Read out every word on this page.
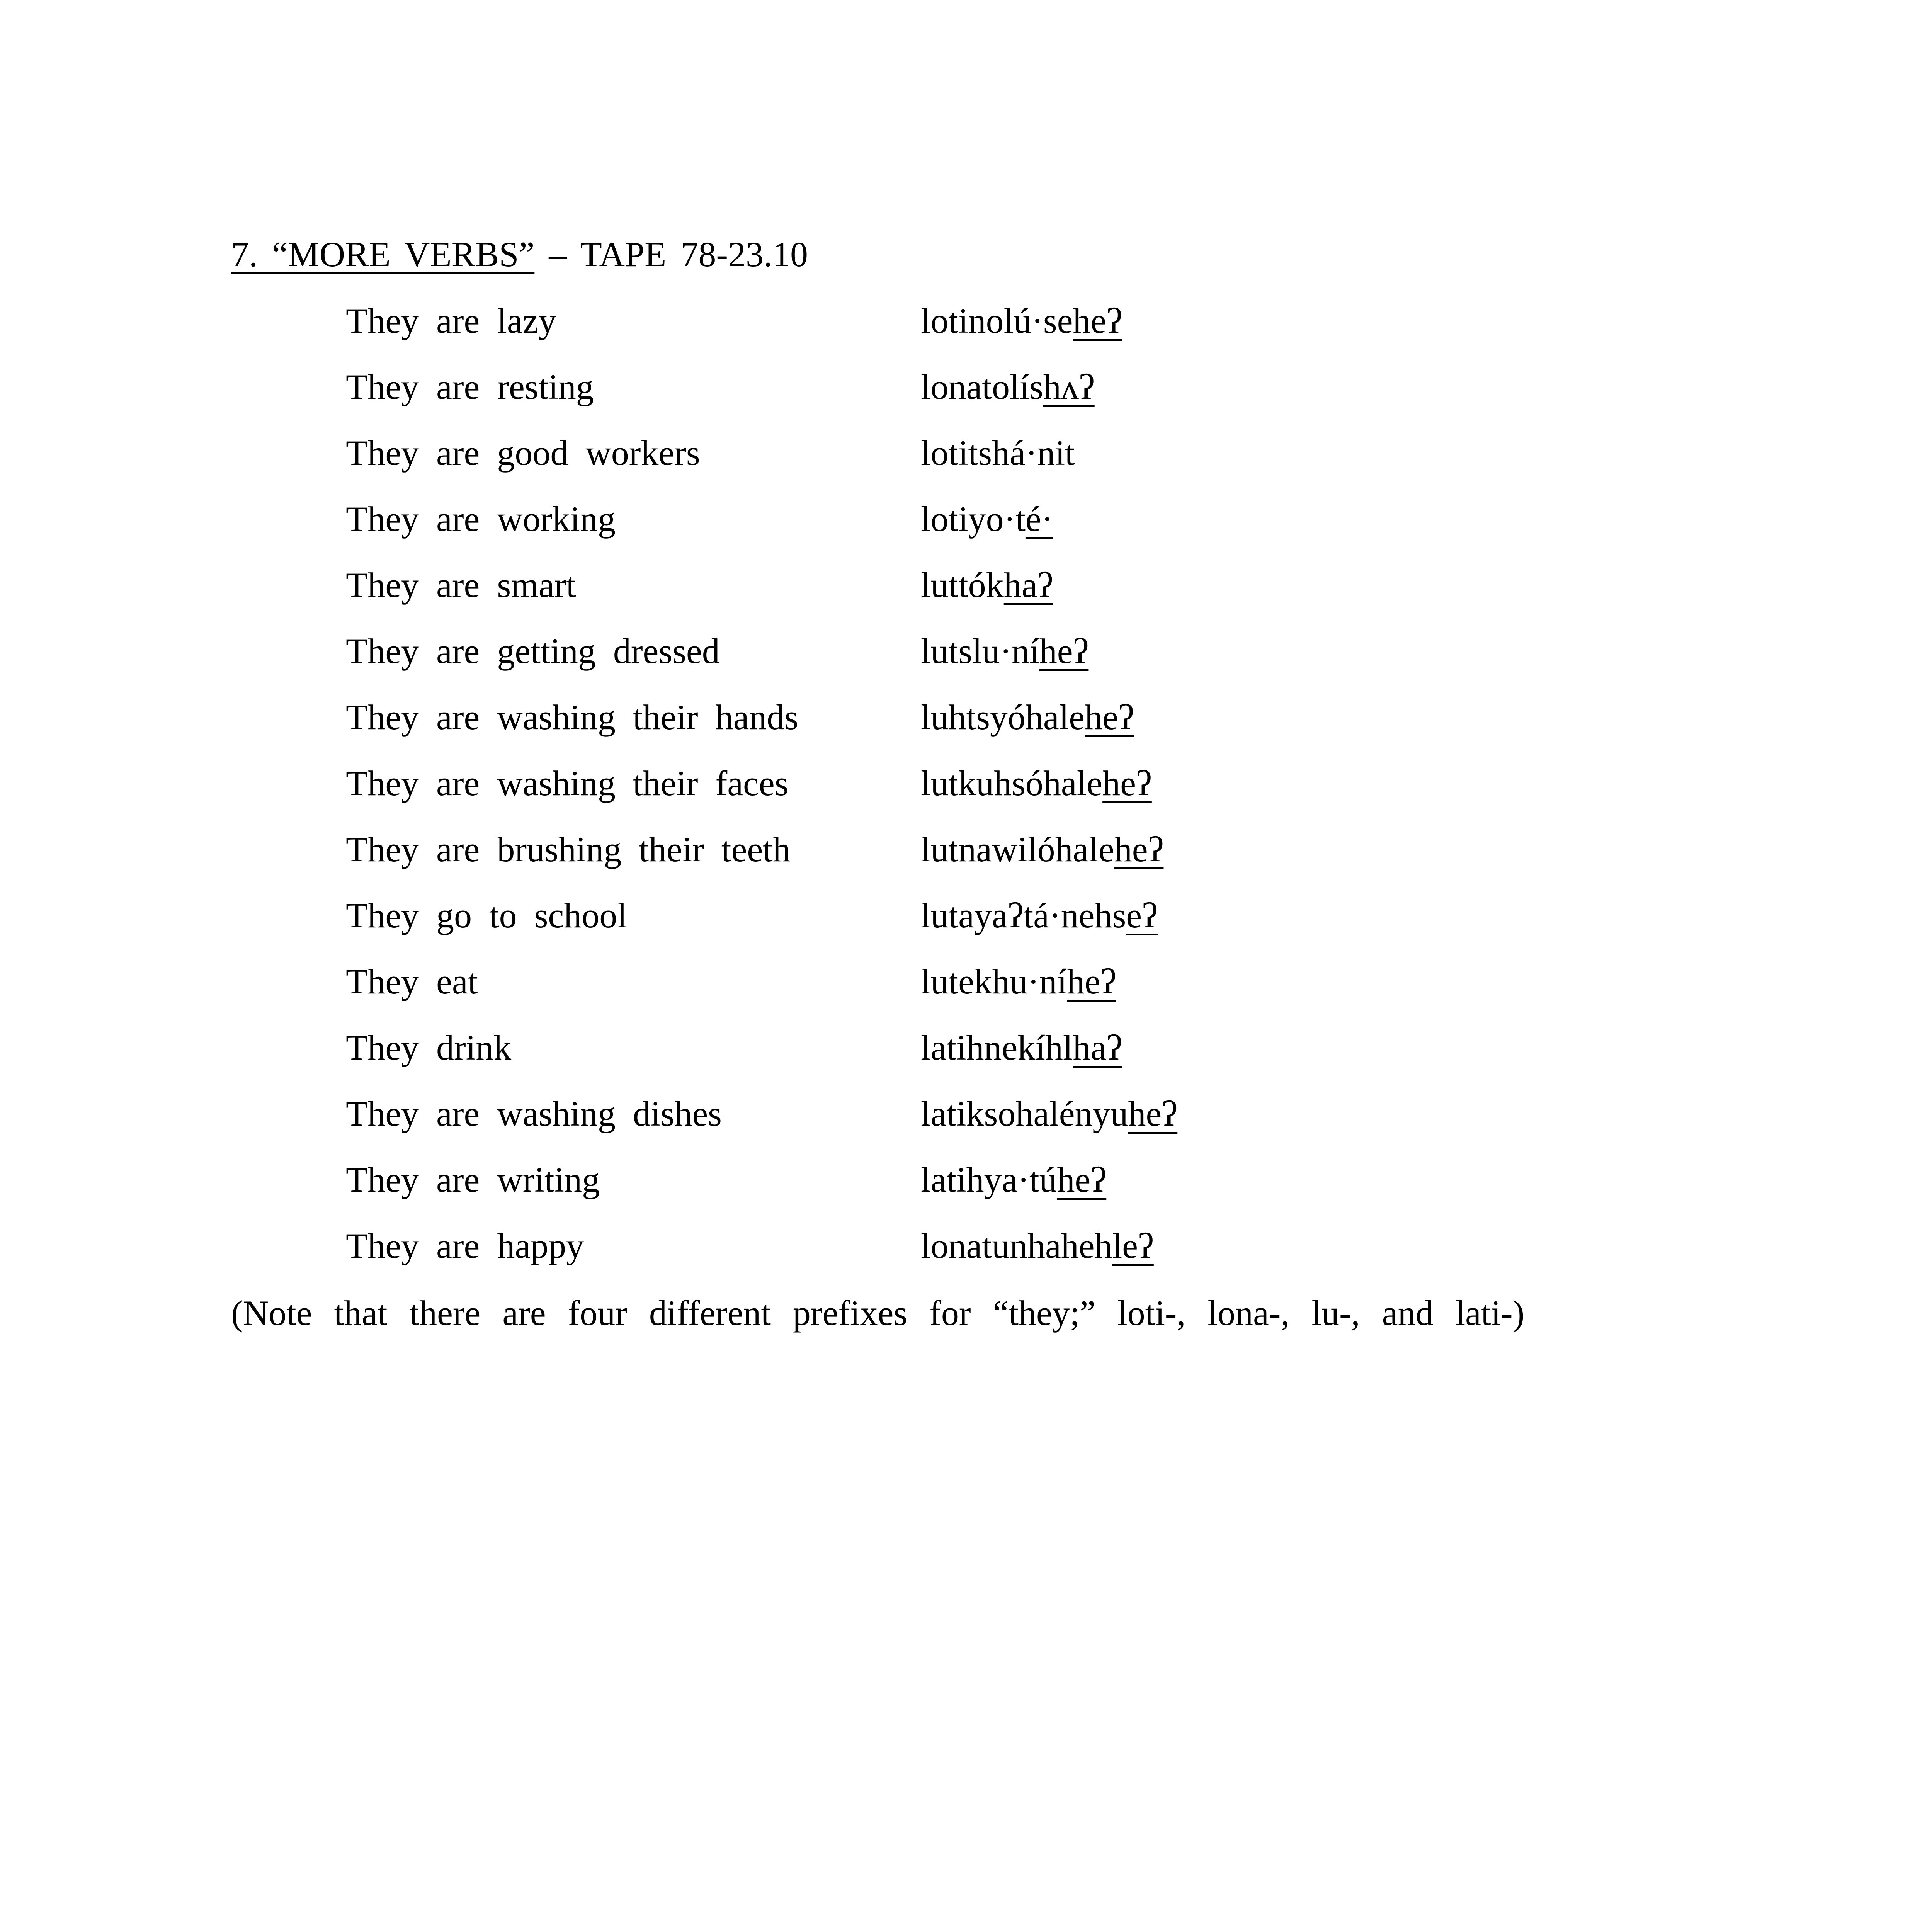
7. “MORE VERBS” – TAPE 78-23.10
They are lazy	lotinolú·seheʔ
They are resting	lonatolíshʌʔ
They are good workers	lotitshá·nit
They are working	lotiyo·té·
They are smart	luttókhaʔ
They are getting dressed	lutslu·níheʔ
They are washing their hands	luhtsyóhaleheʔ
They are washing their faces	lutkuhsóhaleheʔ
They are brushing their teeth	lutnawilóhaleheʔ
They go to school	lutayaʔtá·nehseʔ
They eat	lutekhu·níheʔ
They drink	latihnekíhlhaʔ
They are washing dishes	latiksohalényuheʔ
They are writing	latihya·túheʔ
They are happy	lonatunhahehleʔ
(Note that there are four different prefixes for “they;” loti-, lona-, lu-, and lati-)
